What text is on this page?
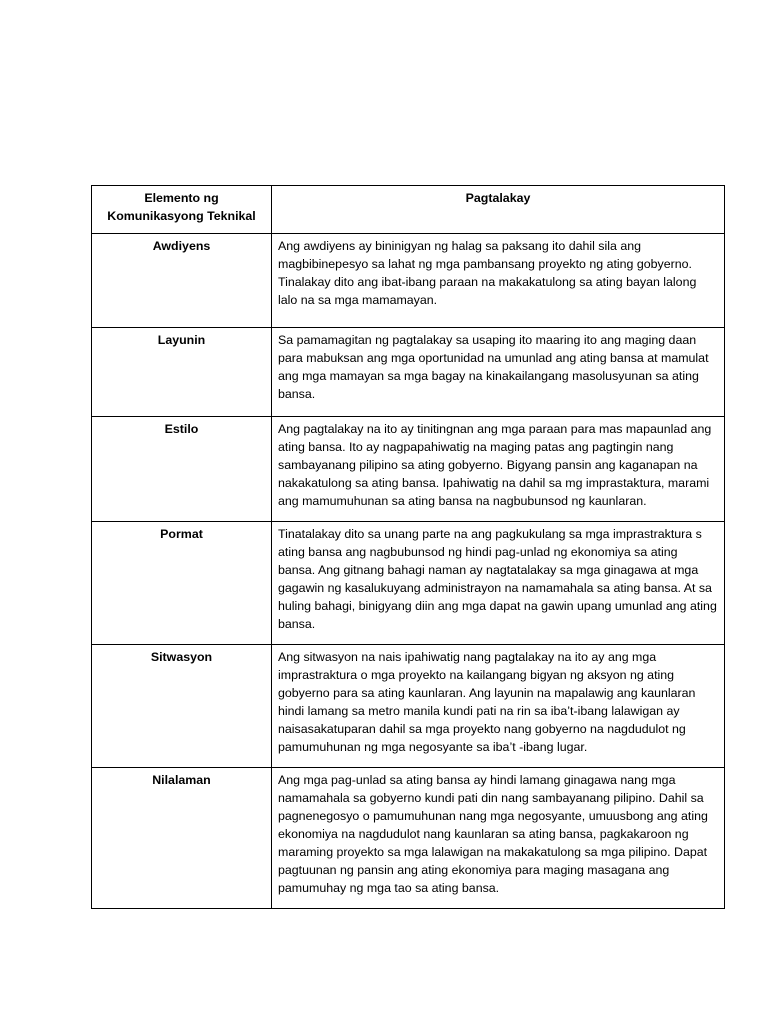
Elemento ng Komunikasyong Teknikal	Pagtalakay
Awdiyens	Ang awdiyens ay bininigyan ng halag sa paksang ito dahil sila ang magbibinepesyo sa lahat ng mga pambansang proyekto ng ating gobyerno. Tinalakay dito ang ibat-ibang paraan na makakatulong sa ating bayan lalong lalo na sa mga mamamayan.
Layunin	Sa pamamagitan ng pagtalakay sa usaping ito maaring ito ang maging daan para mabuksan ang mga oportunidad na umunlad ang ating bansa at mamulat ang mga mamayan sa mga bagay na kinakailangang masolusyunan sa ating bansa.
Estilo	Ang pagtalakay na ito ay tinitingnan ang mga paraan para mas mapaunlad ang ating bansa. Ito ay nagpapahiwatig na maging patas ang pagtingin nang sambayanang pilipino sa ating gobyerno. Bigyang pansin ang kaganapan na nakakatulong sa ating bansa. Ipahiwatig na dahil sa mg imprastaktura, marami ang mamumuhunan sa ating bansa na nagbubunsod ng kaunlaran.
Pormat	Tinatalakay dito sa unang parte na ang pagkukulang sa mga imprastraktura s ating bansa ang nagbubunsod ng hindi pag-unlad ng ekonomiya sa ating bansa. Ang gitnang bahagi naman ay nagtatalakay sa mga ginagawa at mga gagawin ng kasalukuyang administrayon na namamahala sa ating bansa. At sa huling bahagi, binigyang diin ang mga dapat na gawin upang umunlad ang ating bansa.
Sitwasyon	Ang sitwasyon na nais ipahiwatig nang pagtalakay na ito ay ang mga imprastraktura o mga proyekto na kailangang bigyan ng aksyon ng ating gobyerno para sa ating kaunlaran. Ang layunin na mapalawig ang kaunlaran hindi lamang sa metro manila kundi pati na rin sa iba’t-ibang lalawigan ay naisasakatuparan dahil sa mga proyekto nang gobyerno na nagdudulot ng pamumuhunan ng mga negosyante sa iba’t -ibang lugar.
Nilalaman	Ang mga pag-unlad sa ating bansa ay hindi lamang ginagawa nang mga namamahala sa gobyerno kundi pati din nang sambayanang pilipino. Dahil sa pagnenegosyo o pamumuhunan nang mga negosyante, umuusbong ang ating ekonomiya na nagdudulot nang kaunlaran sa ating bansa, pagkakaroon ng maraming proyekto sa mga lalawigan na makakatulong sa mga pilipino. Dapat pagtuunan ng pansin ang ating ekonomiya para maging masagana ang pamumuhay ng mga tao sa ating bansa.
